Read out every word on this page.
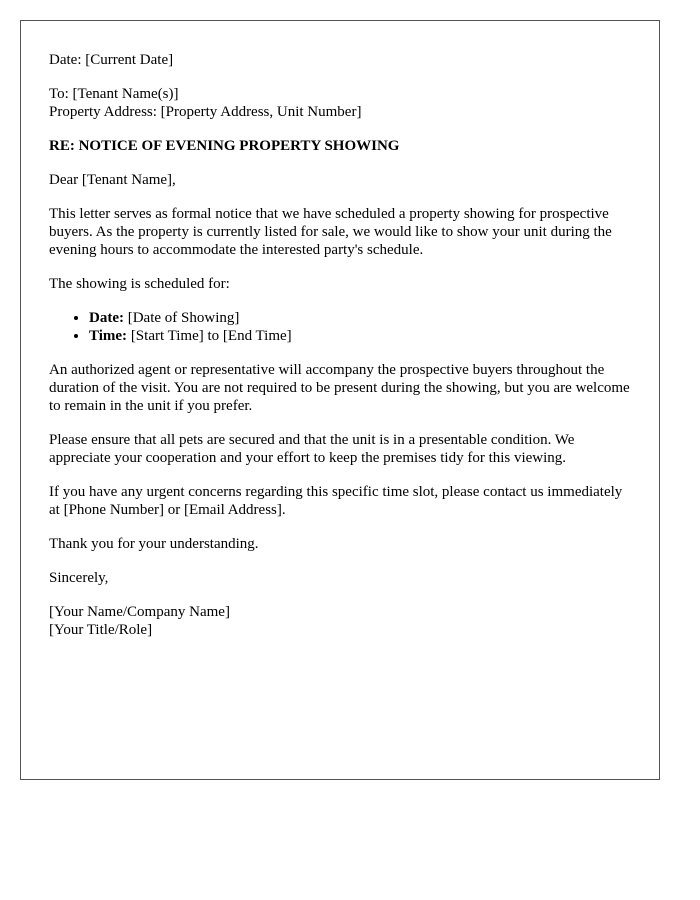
Date: [Current Date]

To: [Tenant Name(s)]
Property Address: [Property Address, Unit Number]

RE: NOTICE OF EVENING PROPERTY SHOWING

Dear [Tenant Name],

This letter serves as formal notice that we have scheduled a property showing for prospective buyers. As the property is currently listed for sale, we would like to show your unit during the evening hours to accommodate the interested party's schedule.

The showing is scheduled for:

• Date: [Date of Showing]
• Time: [Start Time] to [End Time]

An authorized agent or representative will accompany the prospective buyers throughout the duration of the visit. You are not required to be present during the showing, but you are welcome to remain in the unit if you prefer.

Please ensure that all pets are secured and that the unit is in a presentable condition. We appreciate your cooperation and your effort to keep the premises tidy for this viewing.

If you have any urgent concerns regarding this specific time slot, please contact us immediately at [Phone Number] or [Email Address].

Thank you for your understanding.

Sincerely,

[Your Name/Company Name]
[Your Title/Role]
